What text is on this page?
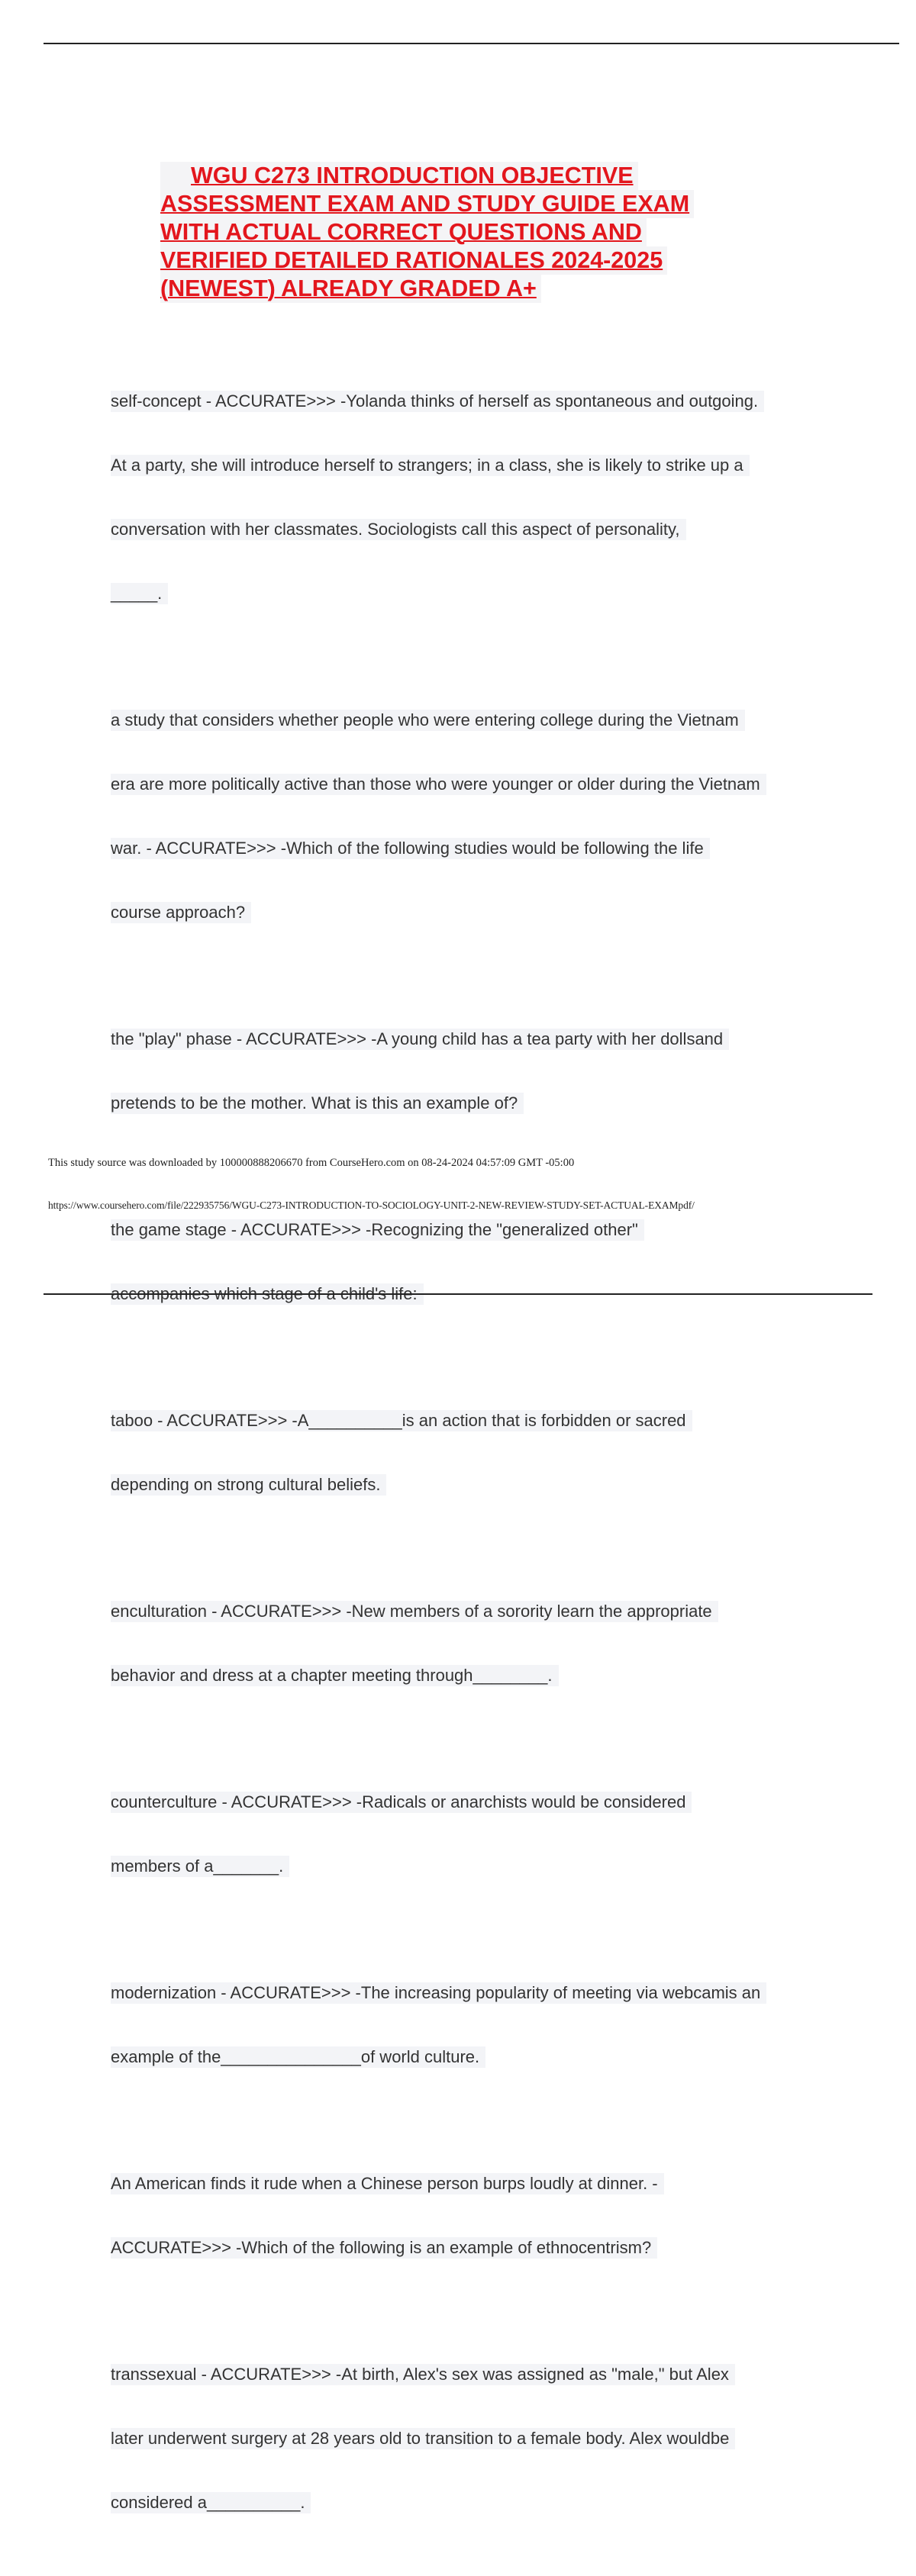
WGU C273 INTRODUCTION OBJECTIVE
ASSESSMENT EXAM AND STUDY GUIDE EXAM
WITH ACTUAL CORRECT QUESTIONS AND
VERIFIED DETAILED RATIONALES 2024-2025
(NEWEST) ALREADY GRADED A+

self-concept - ACCURATE>>> -Yolanda thinks of herself as spontaneous and outgoing.

At a party, she will introduce herself to strangers; in a class, she is likely to strike up a

conversation with her classmates. Sociologists call this aspect of personality,

_____.

a study that considers whether people who were entering college during the Vietnam

era are more politically active than those who were younger or older during the Vietnam

war. - ACCURATE>>> -Which of the following studies would be following the life

course approach?

the "play" phase - ACCURATE>>> -A young child has a tea party with her dollsand

pretends to be the mother. What is this an example of?

the game stage - ACCURATE>>> -Recognizing the "generalized other"

accompanies which stage of a child's life:

taboo - ACCURATE>>> -A__________is an action that is forbidden or sacred

depending on strong cultural beliefs.

enculturation - ACCURATE>>> -New members of a sorority learn the appropriate

behavior and dress at a chapter meeting through________.

counterculture - ACCURATE>>> -Radicals or anarchists would be considered

members of a_______.

modernization - ACCURATE>>> -The increasing popularity of meeting via webcamis an

example of the_______________of world culture.

An American finds it rude when a Chinese person burps loudly at dinner. -

ACCURATE>>> -Which of the following is an example of ethnocentrism?

transsexual - ACCURATE>>> -At birth, Alex's sex was assigned as "male," but Alex

later underwent surgery at 28 years old to transition to a female body. Alex wouldbe

considered a__________.

This study source was downloaded by 100000888206670 from CourseHero.com on 08-24-2024 04:57:09 GMT -05:00
https://www.coursehero.com/file/222935756/WGU-C273-INTRODUCTION-TO-SOCIOLOGY-UNIT-2-NEW-REVIEW-STUDY-SET-ACTUAL-EXAMpdf/
